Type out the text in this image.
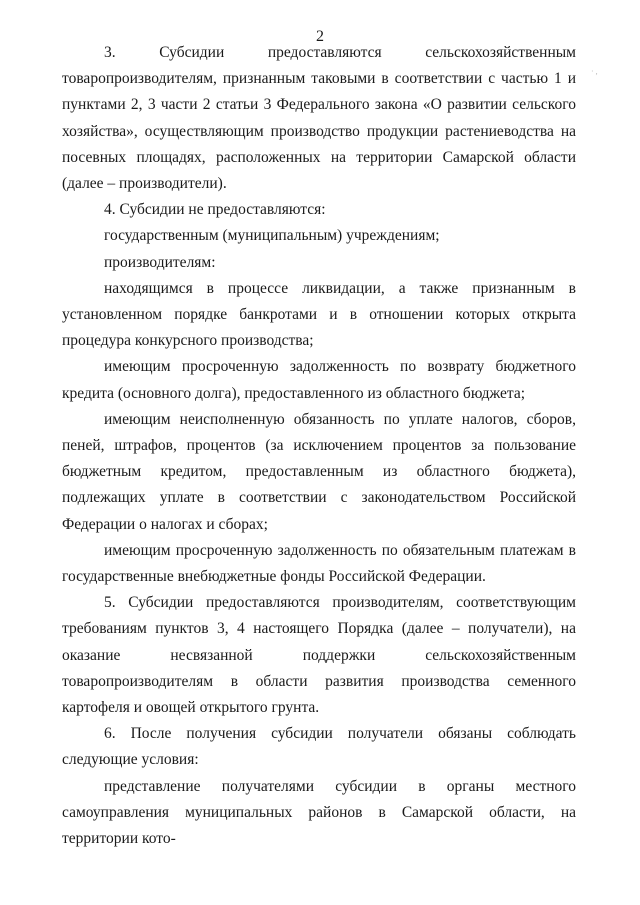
2
· ,

3. Субсидии предоставляются сельскохозяйственным товаропроизводителям, признанным таковыми в соответствии с частью 1 и пунктами 2, 3 части 2 статьи 3 Федерального закона «О развитии сельского хозяйства», осуществляющим производство продукции растениеводства на посевных площадях, расположенных на территории Самарской области (далее – производители).

4. Субсидии не предоставляются:

государственным (муниципальным) учреждениям;

производителям:

находящимся в процессе ликвидации, а также признанным в установленном порядке банкротами и в отношении которых открыта процедура конкурсного производства;

имеющим просроченную задолженность по возврату бюджетного кредита (основного долга), предоставленного из областного бюджета;

имеющим неисполненную обязанность по уплате налогов, сборов, пеней, штрафов, процентов (за исключением процентов за пользование бюджетным кредитом, предоставленным из областного бюджета), подлежащих уплате в соответствии с законодательством Российской Федерации о налогах и сборах;

имеющим просроченную задолженность по обязательным платежам в государственные внебюджетные фонды Российской Федерации.

5. Субсидии предоставляются производителям, соответствующим требованиям пунктов 3, 4 настоящего Порядка (далее – получатели), на оказание несвязанной поддержки сельскохозяйственным товаропроизводителям в области развития производства семенного картофеля и овощей открытого грунта.

6. После получения субсидии получатели обязаны соблюдать следующие условия:

представление получателями субсидии в органы местного самоуправления муниципальных районов в Самарской области, на территории кото-
